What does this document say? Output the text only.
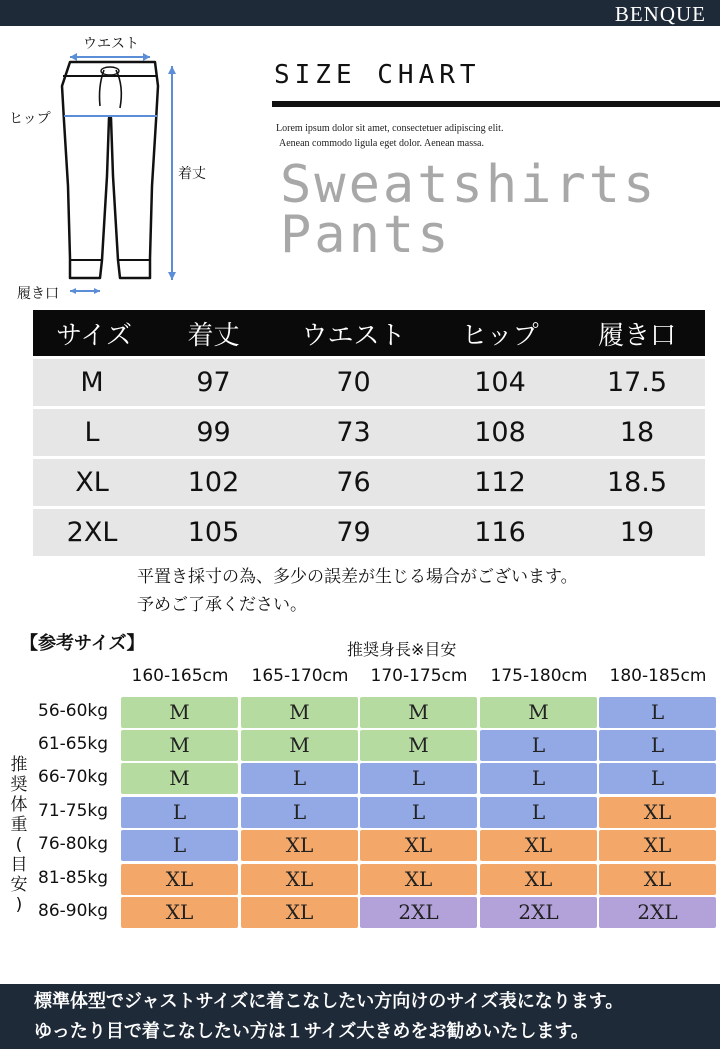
BENQUE
ウエスト
ヒップ
着丈
履き口
SIZE CHART
Lorem ipsum dolor sit amet, consectetuer adipiscing elit.
Aenean commodo ligula eget dolor. Aenean massa.
Sweatshirts
Pants
サイズ	着丈	ウエスト	ヒップ	履き口
M	97	70	104	17.5
L	99	73	108	18
XL	102	76	112	18.5
2XL	105	79	116	19
平置き採寸の為、多少の誤差が生じる場合がございます。
予めご了承ください。
【参考サイズ】	推奨身長※目安
推
奨
体
重
(
目
安
)
160-165cm	165-170cm	170-175cm	175-180cm	180-185cm
56-60kg	M	M	M	M	L
61-65kg	M	M	M	L	L
66-70kg	M	L	L	L	L
71-75kg	L	L	L	L	XL
76-80kg	L	XL	XL	XL	XL
81-85kg	XL	XL	XL	XL	XL
86-90kg	XL	XL	2XL	2XL	2XL
標準体型でジャストサイズに着こなしたい方向けのサイズ表になります。
ゆったり目で着こなしたい方は１サイズ大きめをお勧めいたします。
